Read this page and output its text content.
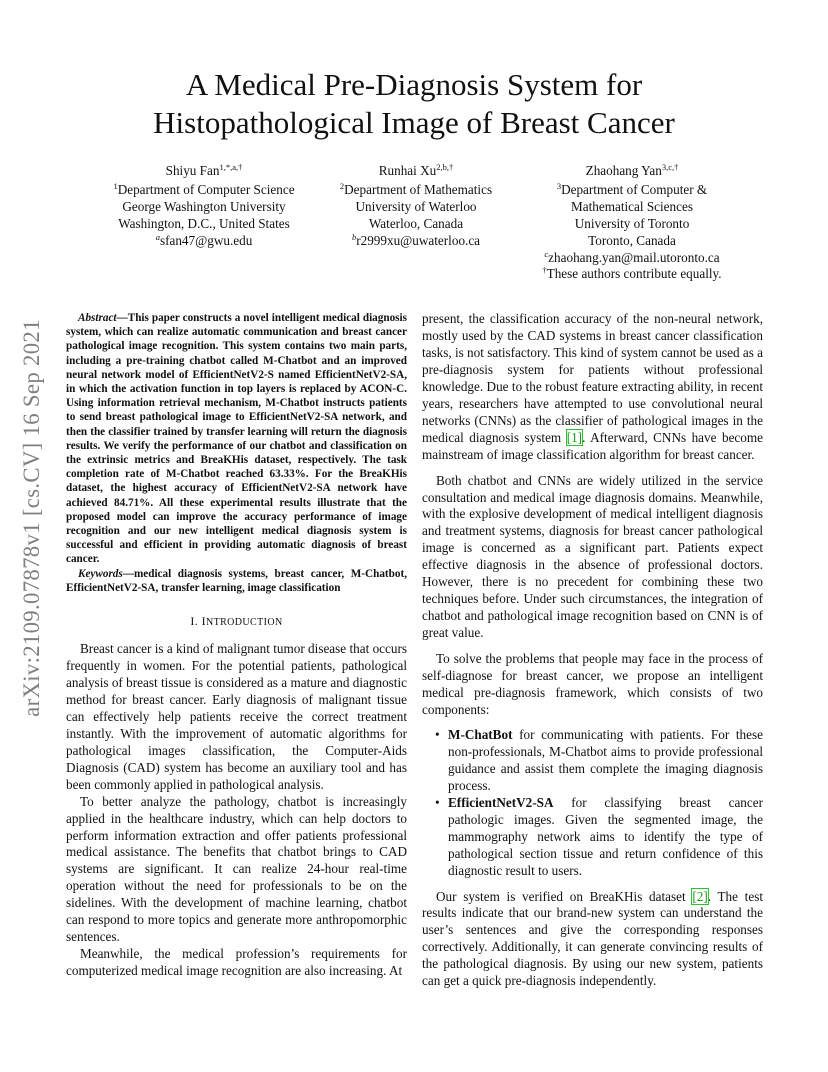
arXiv:2109.07878v1 [cs.CV] 16 Sep 2021
A Medical Pre-Diagnosis System for
Histopathological Image of Breast Cancer
Shiyu Fan$^{1,*,a,\dagger}$
$^1$Department of Computer Science
George Washington University
Washington, D.C., United States
$^a$sfan47@gwu.edu
Runhai $Xu^{2,b,\dagger}$
$^2$Department of Mathematics
University of Waterloo
Waterloo, Canada
$^b$r2999xu@uwaterloo.ca
Zhaohang Yan$^{3,c,\dagger}$
$^3$Department of Computer &
Mathematical Sciences
University of Toronto
Toronto, Canada
$^c$zhaohang.yan@mail.utoronto.ca
†These authors contribute equally.

Abstract—This paper constructs a novel intelligent medical diagnosis system, which can realize automatic communication and breast cancer pathological image recognition. This system contains two main parts, including a pre-training chatbot called M-Chatbot and an improved neural network model of EfficientNetV2-S named EfficientNetV2-SA, in which the activation function in top layers is replaced by ACON-C. Using information retrieval mechanism, M-Chatbot instructs patients to send breast pathological image to EfficientNetV2-SA network, and then the classifier trained by transfer learning will return the diagnosis results. We verify the performance of our chatbot and classification on the extrinsic metrics and BreaKHis dataset, respectively. The task completion rate of M-Chatbot reached 63.33%. For the BreaKHis dataset, the highest accuracy of EfficientNetV2-SA network have achieved 84.71%. All these experimental results illustrate that the proposed model can improve the accuracy performance of image recognition and our new intelligent medical diagnosis system is successful and efficient in providing automatic diagnosis of breast cancer.

Keywords—medical diagnosis systems, breast cancer, M-Chatbot, EfficientNetV2-SA, transfer learning, image classification

I. INTRODUCTION

Breast cancer is a kind of malignant tumor disease that occurs frequently in women. For the potential patients, pathological analysis of breast tissue is considered as a mature and diagnostic method for breast cancer. Early diagnosis of malignant tissue can effectively help patients receive the correct treatment instantly. With the improvement of automatic algorithms for pathological images classification, the Computer-Aids Diagnosis (CAD) system has become an auxiliary tool and has been commonly applied in pathological analysis.

To better analyze the pathology, chatbot is increasingly applied in the healthcare industry, which can help doctors to perform information extraction and offer patients professional medical assistance. The benefits that chatbot brings to CAD systems are significant. It can realize 24-hour real-time operation without the need for professionals to be on the sidelines. With the development of machine learning, chatbot can respond to more topics and generate more anthropomorphic sentences.

Meanwhile, the medical profession’s requirements for computerized medical image recognition are also increasing. At

present, the classification accuracy of the non-neural network, mostly used by the CAD systems in breast cancer classification tasks, is not satisfactory. This kind of system cannot be used as a pre-diagnosis system for patients without professional knowledge. Due to the robust feature extracting ability, in recent years, researchers have attempted to use convolutional neural networks (CNNs) as the classifier of pathological images in the medical diagnosis system [1]. Afterward, CNNs have become mainstream of image classification algorithm for breast cancer.

Both chatbot and CNNs are widely utilized in the service consultation and medical image diagnosis domains. Meanwhile, with the explosive development of medical intelligent diagnosis and treatment systems, diagnosis for breast cancer pathological image is concerned as a significant part. Patients expect effective diagnosis in the absence of professional doctors. However, there is no precedent for combining these two techniques before. Under such circumstances, the integration of chatbot and pathological image recognition based on CNN is of great value.

To solve the problems that people may face in the process of self-diagnose for breast cancer, we propose an intelligent medical pre-diagnosis framework, which consists of two components:

• M-ChatBot for communicating with patients. For these non-professionals, M-Chatbot aims to provide professional guidance and assist them complete the imaging diagnosis process.
• EfficientNetV2-SA for classifying breast cancer pathologic images. Given the segmented image, the mammography network aims to identify the type of pathological section tissue and return confidence of this diagnostic result to users.

Our system is verified on BreaKHis dataset [2]. The test results indicate that our brand-new system can understand the user’s sentences and give the corresponding responses correctively. Additionally, it can generate convincing results of the pathological diagnosis. By using our new system, patients can get a quick pre-diagnosis independently.
